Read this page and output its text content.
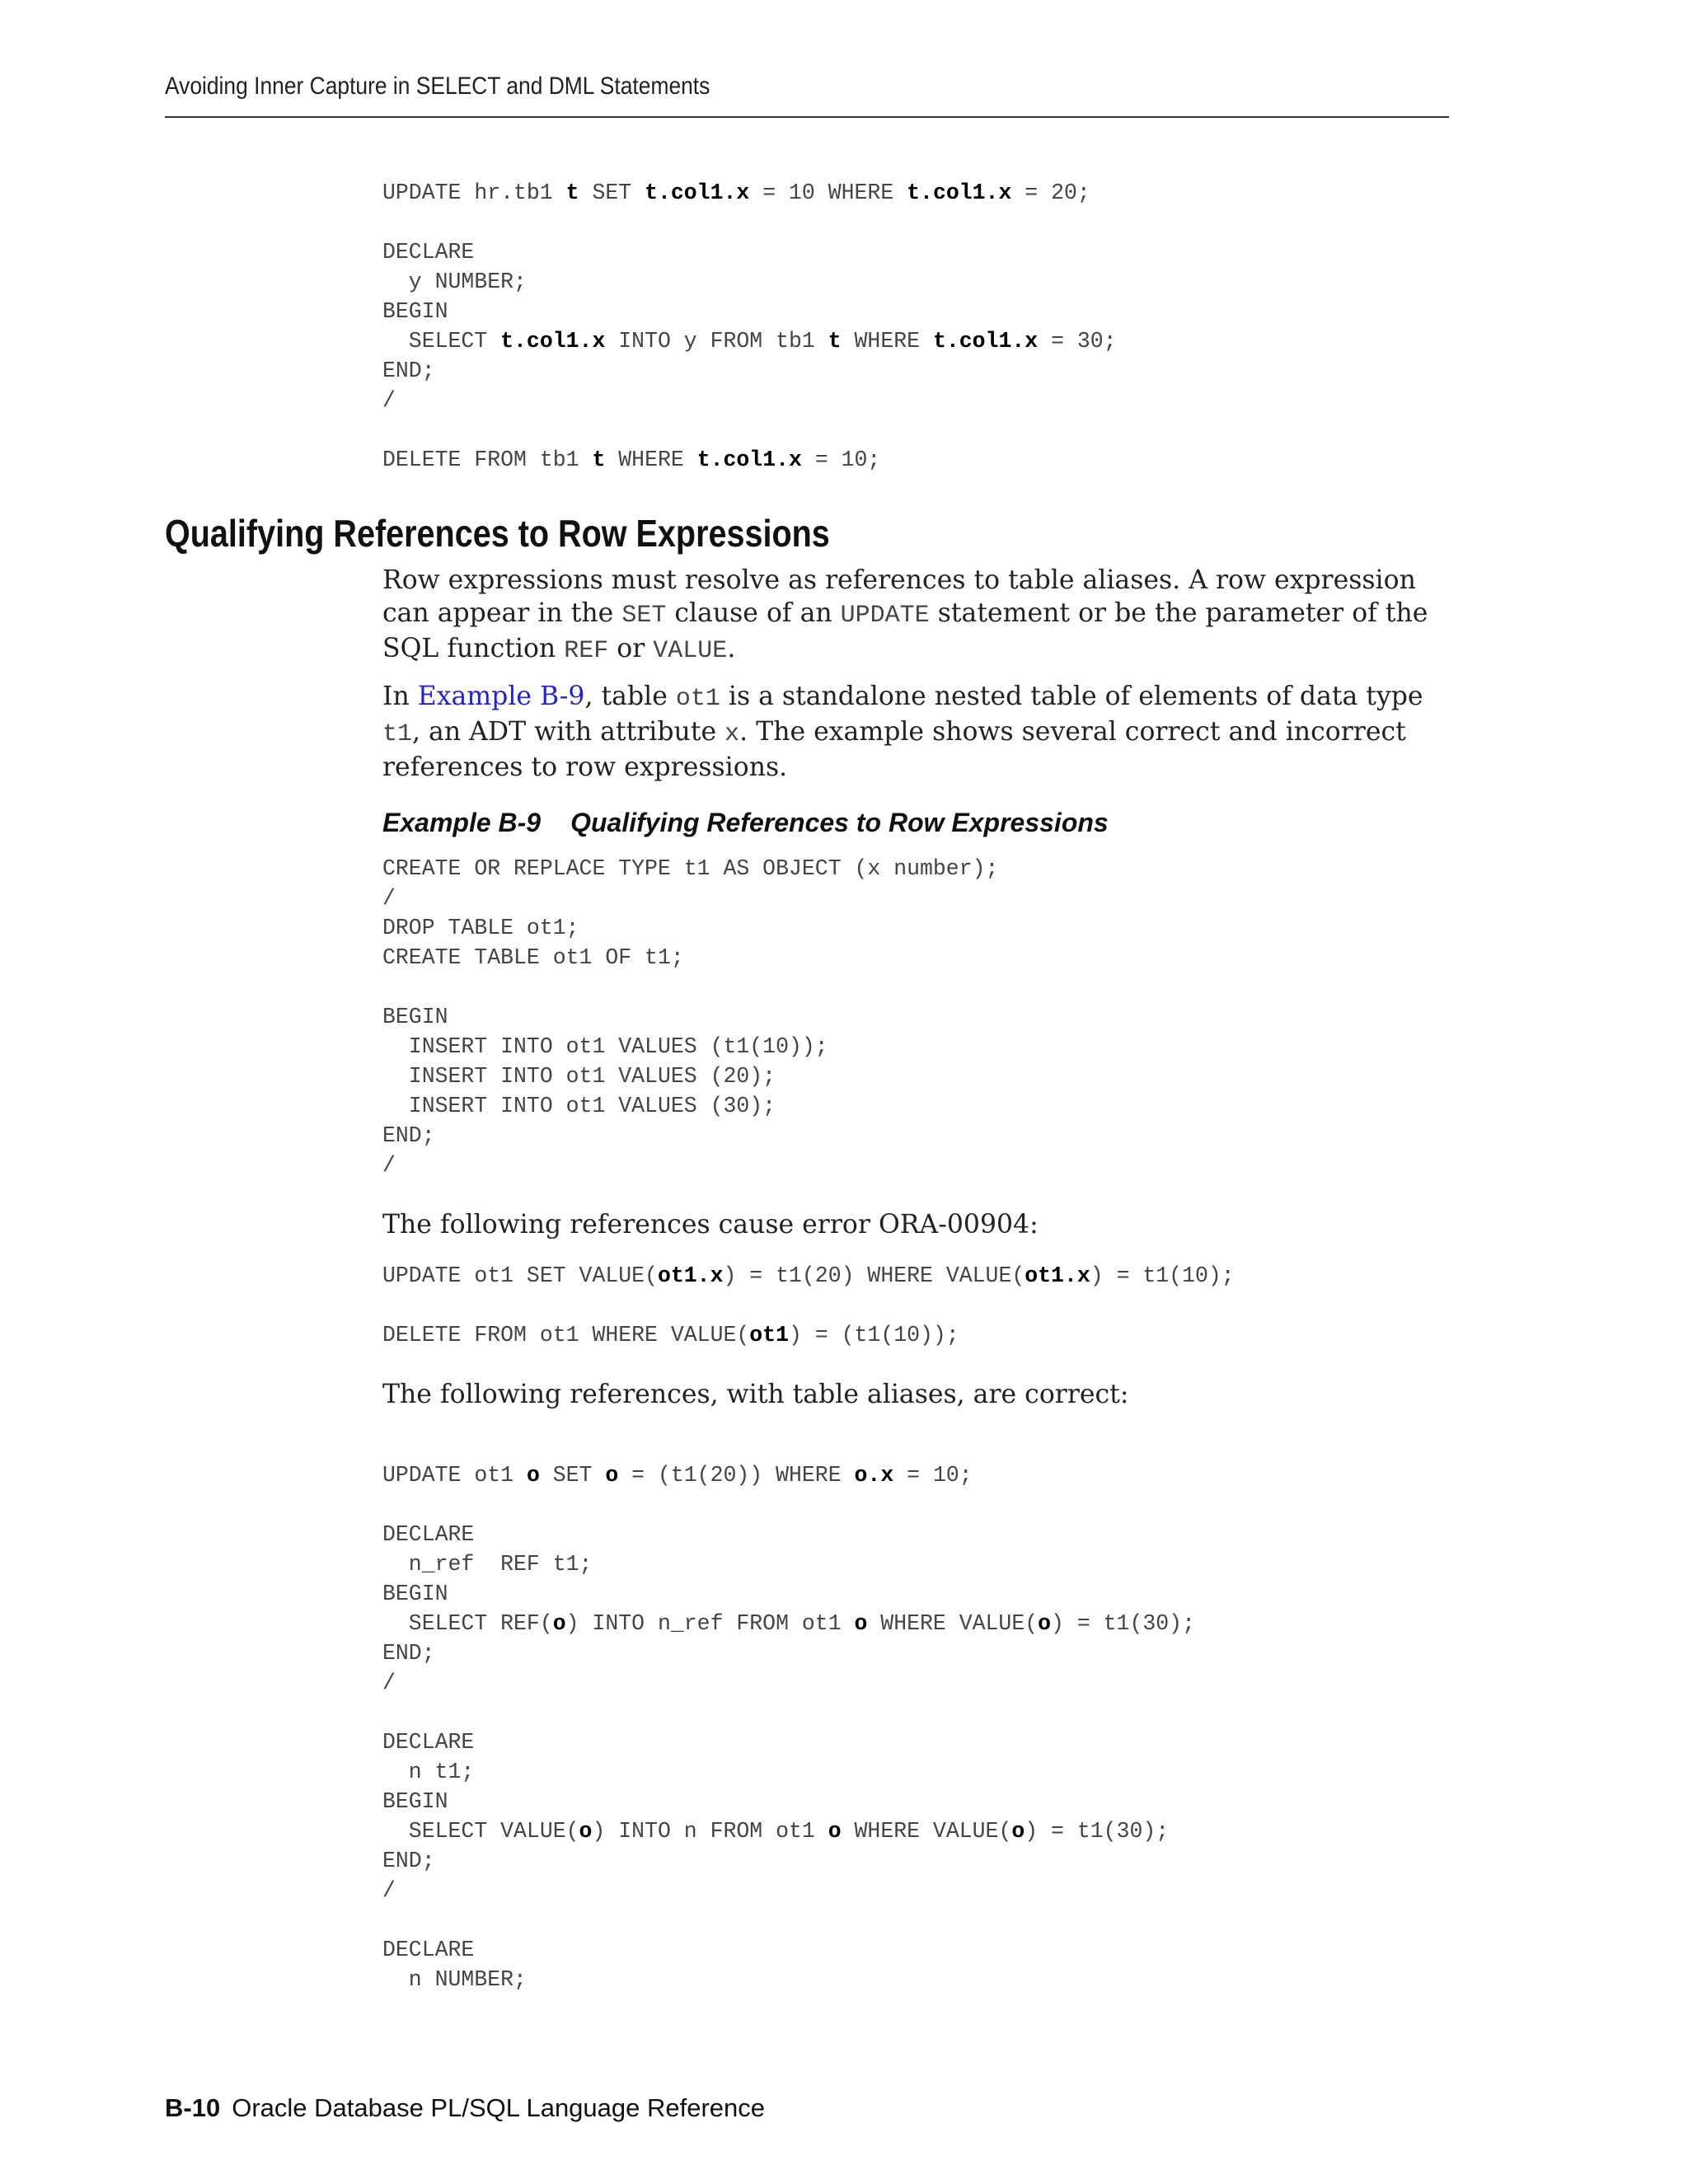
Avoiding Inner Capture in SELECT and DML Statements
UPDATE hr.tb1 t SET t.col1.x = 10 WHERE t.col1.x = 20;

DECLARE
y NUMBER;
BEGIN
SELECT t.col1.x INTO y FROM tb1 t WHERE t.col1.x = 30;
END;
/

DELETE FROM tb1 t WHERE t.col1.x = 10;
Qualifying References to Row Expressions

Row expressions must resolve as references to table aliases. A row expression can appear in the SET clause of an UPDATE statement or be the parameter of the SQL function REF or VALUE.

In Example B-9, table ot1 is a standalone nested table of elements of data type t1, an ADT with attribute x. The example shows several correct and incorrect references to row expressions.

Example B-9 Qualifying References to Row Expressions
CREATE OR REPLACE TYPE t1 AS OBJECT (x number);
/
DROP TABLE ot1;
CREATE TABLE ot1 OF t1;

BEGIN
INSERT INTO ot1 VALUES (t1(10));
INSERT INTO ot1 VALUES (20);
INSERT INTO ot1 VALUES (30);
END;
/

The following references cause error ORA-00904:

UPDATE ot1 SET VALUE(ot1.x) = t1(20) WHERE VALUE(ot1.x) = t1(10);

DELETE FROM ot1 WHERE VALUE(ot1) = (t1(10));

The following references, with table aliases, are correct:

UPDATE ot1 o SET o = (t1(20)) WHERE o.x = 10;

DECLARE
n_ref  REF t1;
BEGIN
SELECT REF(o) INTO n_ref FROM ot1 o WHERE VALUE(o) = t1(30);
END;
/

DECLARE
n t1;
BEGIN
SELECT VALUE(o) INTO n FROM ot1 o WHERE VALUE(o) = t1(30);
END;
/

DECLARE
n NUMBER;
B-10 Oracle Database PL/SQL Language Reference
